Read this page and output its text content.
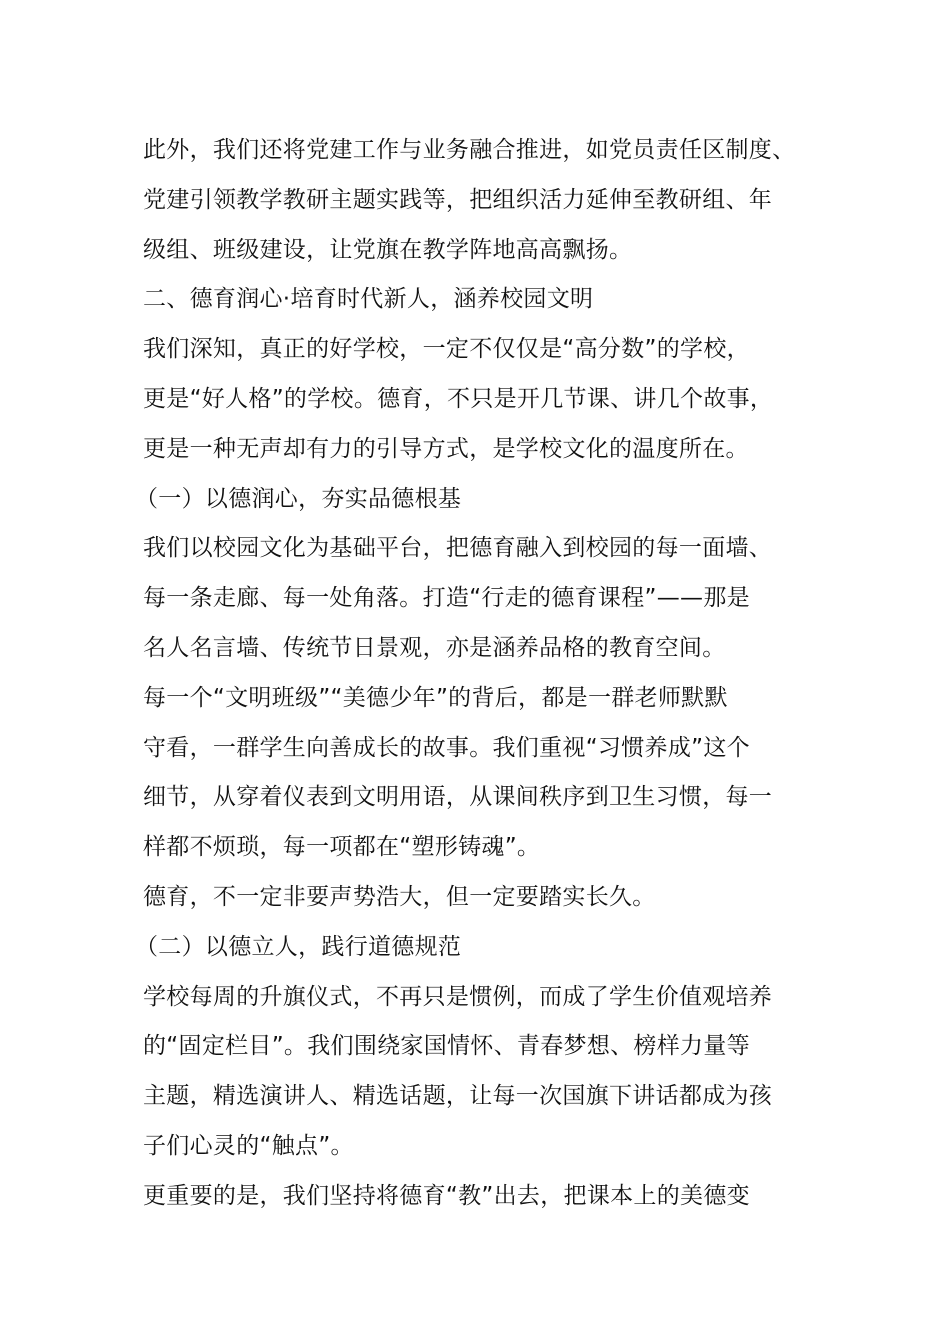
此外，我们还将党建工作与业务融合推进，如党员责任区制度、
党建引领教学教研主题实践等，把组织活力延伸至教研组、年
级组、班级建设，让党旗在教学阵地高高飘扬。
二、德育润心·培育时代新人，涵养校园文明
我们深知，真正的好学校，一定不仅仅是“高分数”的学校，
更是“好人格”的学校。德育，不只是开几节课、讲几个故事，
更是一种无声却有力的引导方式，是学校文化的温度所在。
（一）以德润心，夯实品德根基
我们以校园文化为基础平台，把德育融入到校园的每一面墙、
每一条走廊、每一处角落。打造“行走的德育课程”——那是
名人名言墙、传统节日景观，亦是涵养品格的教育空间。
每一个“文明班级”“美德少年”的背后，都是一群老师默默
守看，一群学生向善成长的故事。我们重视“习惯养成”这个
细节，从穿着仪表到文明用语，从课间秩序到卫生习惯，每一
样都不烦琐，每一项都在“塑形铸魂”。
德育，不一定非要声势浩大，但一定要踏实长久。
（二）以德立人，践行道德规范
学校每周的升旗仪式，不再只是惯例，而成了学生价值观培养
的“固定栏目”。我们围绕家国情怀、青春梦想、榜样力量等
主题，精选演讲人、精选话题，让每一次国旗下讲话都成为孩
子们心灵的“触点”。
更重要的是，我们坚持将德育“教”出去，把课本上的美德变
